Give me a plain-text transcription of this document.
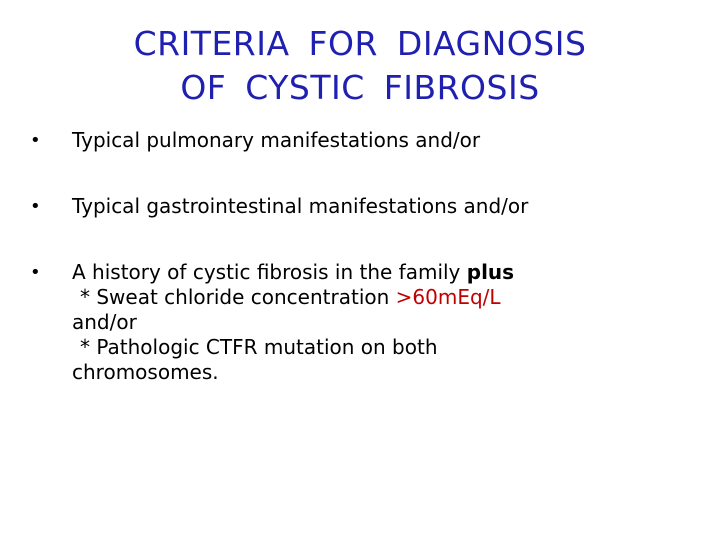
CRITERIA FOR DIAGNOSIS
OF CYSTIC FIBROSIS
• Typical pulmonary manifestations and/or
• Typical gastrointestinal manifestations and/or
• A history of cystic fibrosis in the family plus
* Sweat chloride concentration >60mEq/L
and/or
* Pathologic CTFR mutation on both
chromosomes.
